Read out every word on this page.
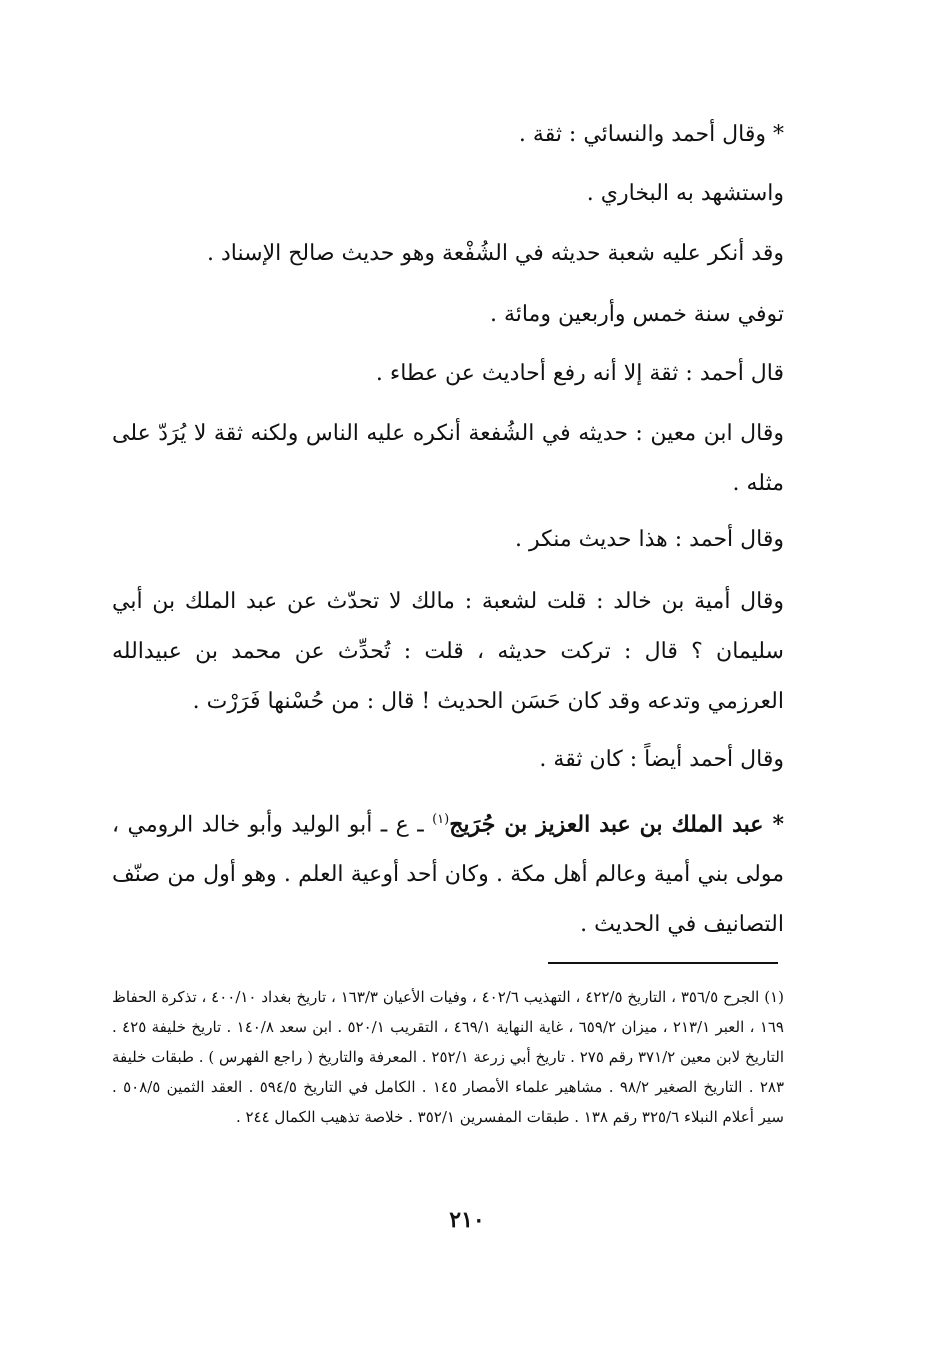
* وقال أحمد والنسائي : ثقة .

واستشهد به البخاري .

وقد أنكر عليه شعبة حديثه في الشُفْعة وهو حديث صالح الإسناد .

توفي سنة خمس وأربعين ومائة .

قال أحمد : ثقة إلا أنه رفع أحاديث عن عطاء .

وقال ابن معين : حديثه في الشُفعة أنكره عليه الناس ولكنه ثقة لا يُرَدّ على مثله .

وقال أحمد : هذا حديث منكر .

وقال أمية بن خالد : قلت لشعبة : مالك لا تحدّث عن عبد الملك بن أبي سليمان ؟ قال : تركت حديثه ، قلت : تُحدِّث عن محمد بن عبيدالله العرزمي وتدعه وقد كان حَسَن الحديث ! قال : من حُسْنها فَرَرْت .

وقال أحمد أيضاً : كان ثقة .

* عبد الملك بن عبد العزيز بن جُرَيج$^{(١)}$ ـ ع ـ أبو الوليد وأبو خالد الرومي ، مولى بني أمية وعالم أهل مكة . وكان أحد أوعية العلم . وهو أول من صنّف التصانيف في الحديث .

(١) الجرح ٣٥٦/٥ ، التاريخ ٤٢٢/٥ ، التهذيب ٤٠٢/٦ ، وفيات الأعيان ١٦٣/٣ ، تاريخ بغداد ٤٠٠/١٠ ، تذكرة الحفاظ ١٦٩ ، العبر ٢١٣/١ ، ميزان ٦٥٩/٢ ، غاية النهاية ٤٦٩/١ ، التقريب ٥٢٠/١ . ابن سعد ١٤٠/٨ . تاريخ خليفة ٤٢٥ . التاريخ لابن معين ٣٧١/٢ رقم ٢٧٥ . تاريخ أبي زرعة ٢٥٢/١ . المعرفة والتاريخ ( راجع الفهرس ) . طبقات خليفة ٢٨٣ . التاريخ الصغير ٩٨/٢ . مشاهير علماء الأمصار ١٤٥ . الكامل في التاريخ ٥٩٤/٥ . العقد الثمين ٥٠٨/٥ . سير أعلام النبلاء ٣٢٥/٦ رقم ١٣٨ . طبقات المفسرين ٣٥٢/١ . خلاصة تذهيب الكمال ٢٤٤ .
٢١٠
